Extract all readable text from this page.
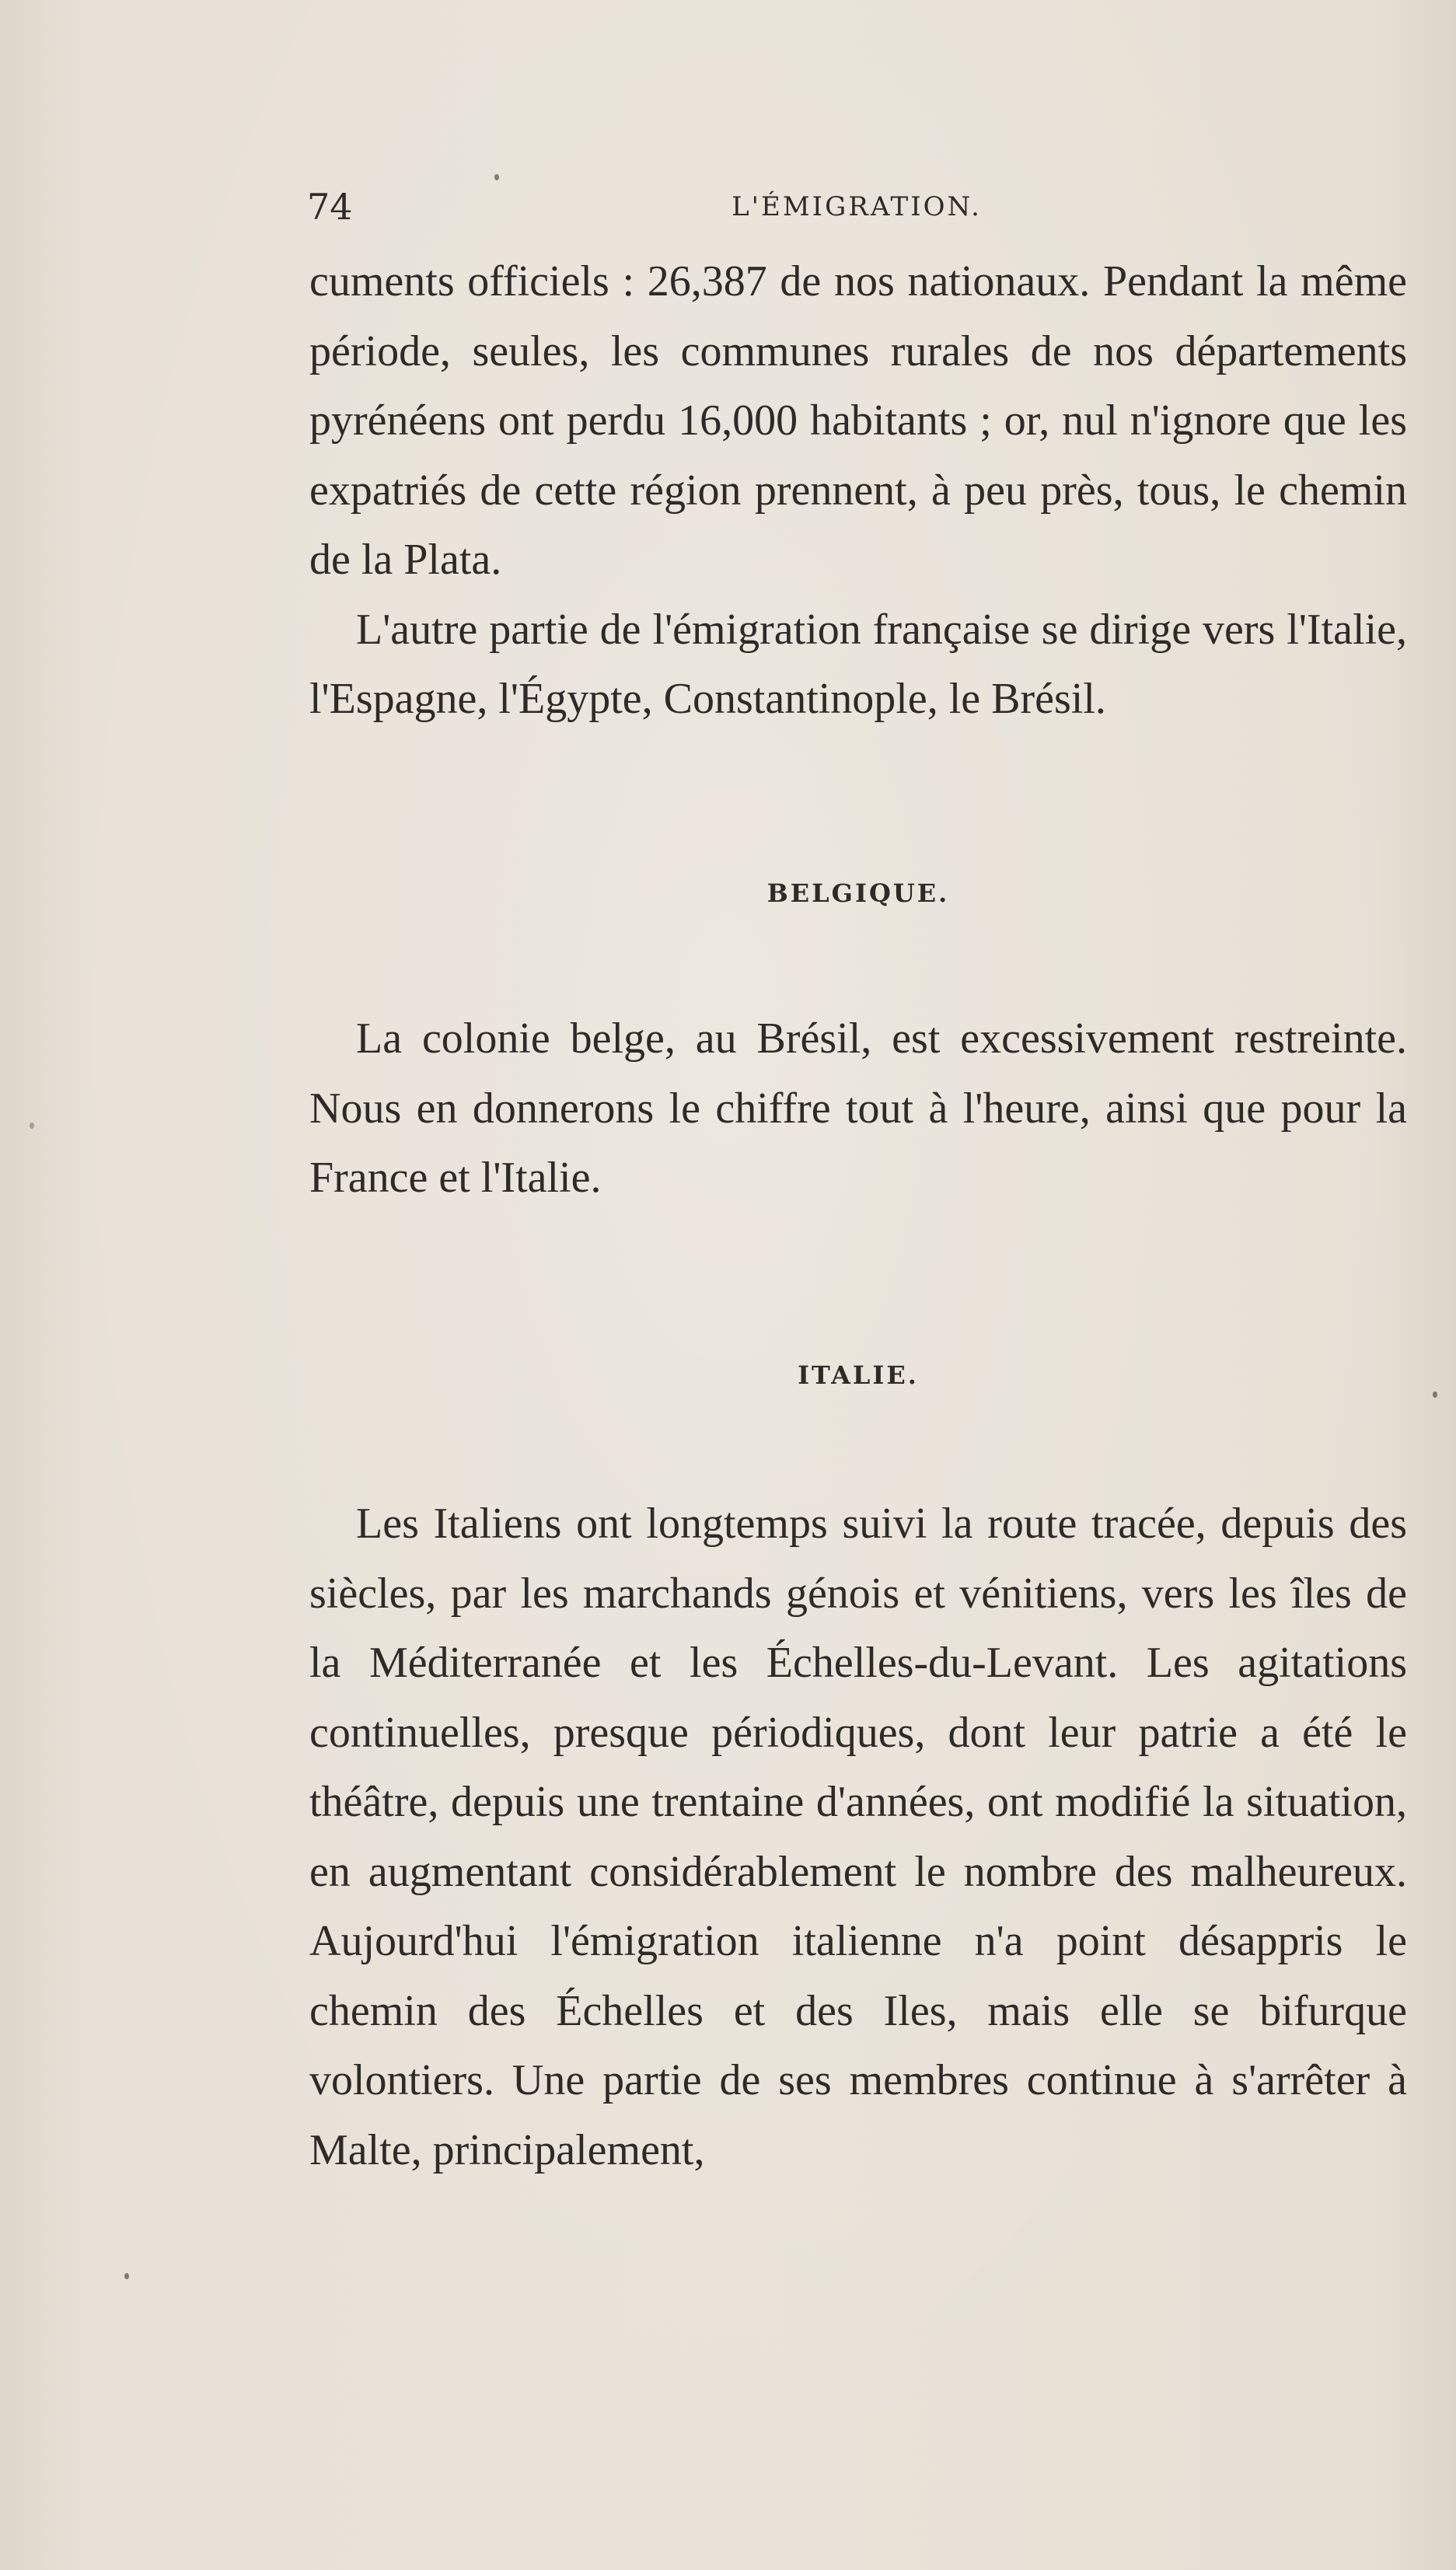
74	L'ÉMIGRATION.

cuments officiels : 26,387 de nos nationaux. Pendant la même période, seules, les communes rurales de nos départements pyrénéens ont perdu 16,000 habitants ; or, nul n'ignore que les expatriés de cette région prennent, à peu près, tous, le chemin de la Plata.

L'autre partie de l'émigration française se dirige vers l'Italie, l'Espagne, l'Égypte, Constantinople, le Brésil.

BELGIQUE.

La colonie belge, au Brésil, est excessivement restreinte. Nous en donnerons le chiffre tout à l'heure, ainsi que pour la France et l'Italie.

ITALIE.

Les Italiens ont longtemps suivi la route tracée, depuis des siècles, par les marchands génois et vénitiens, vers les îles de la Méditerranée et les Échelles-du-Levant. Les agitations continuelles, presque périodiques, dont leur patrie a été le théâtre, depuis une trentaine d'années, ont modifié la situation, en augmentant considérablement le nombre des malheureux. Aujourd'hui l'émigration italienne n'a point désappris le chemin des Échelles et des Iles, mais elle se bifurque volontiers. Une partie de ses membres continue à s'arrêter à Malte, principalement,
